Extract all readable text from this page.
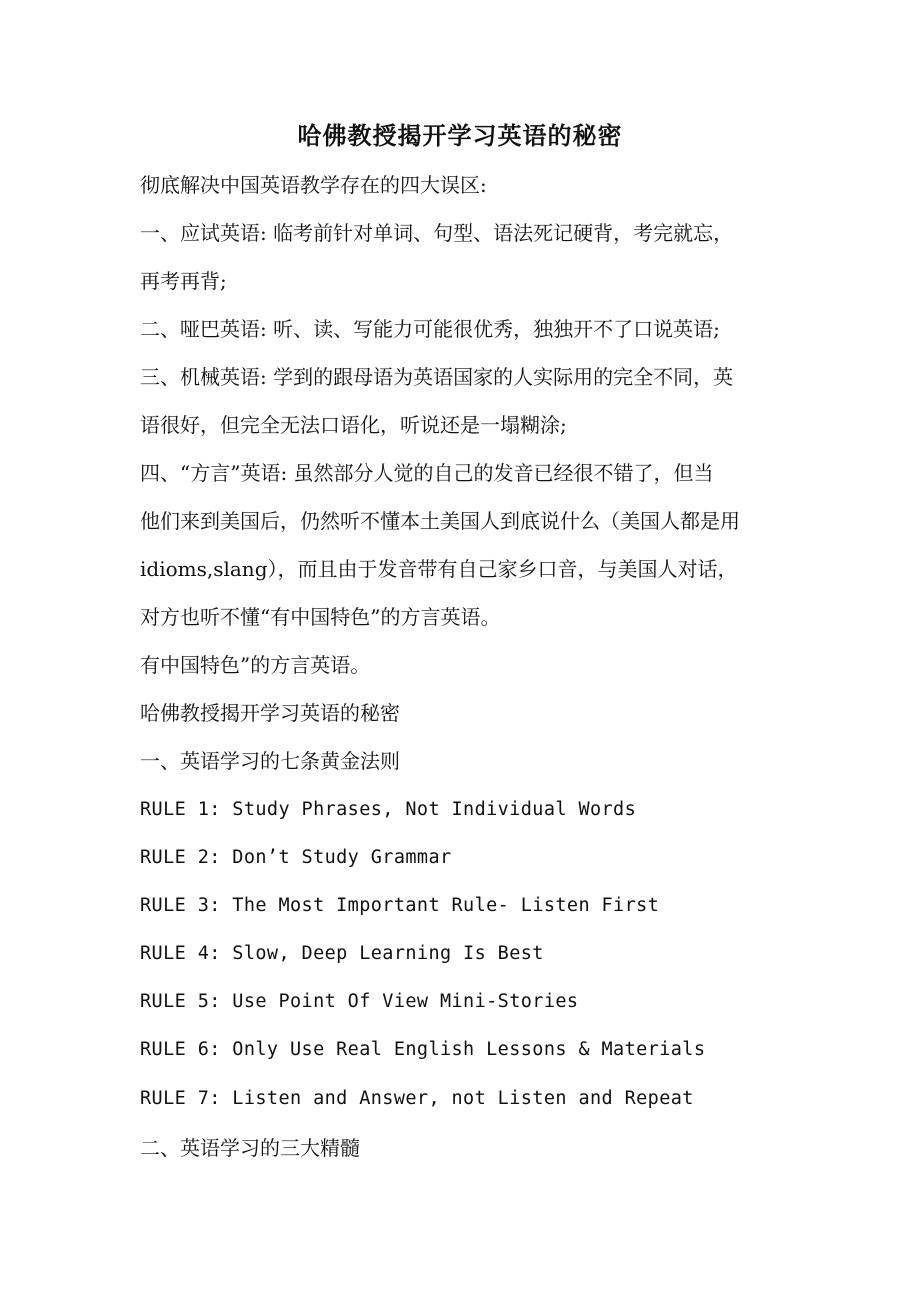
哈佛教授揭开学习英语的秘密
彻底解决中国英语教学存在的四大误区:
一、应试英语: 临考前针对单词、句型、语法死记硬背，考完就忘，
再考再背;
二、哑巴英语: 听、读、写能力可能很优秀，独独开不了口说英语;
三、机械英语: 学到的跟母语为英语国家的人实际用的完全不同，英
语很好，但完全无法口语化，听说还是一塌糊涂;
四、“方言”英语: 虽然部分人觉的自己的发音已经很不错了，但当
他们来到美国后，仍然听不懂本土美国人到底说什么（美国人都是用
idioms,slang），而且由于发音带有自己家乡口音，与美国人对话，
对方也听不懂“有中国特色”的方言英语。
有中国特色”的方言英语。
哈佛教授揭开学习英语的秘密
一、英语学习的七条黄金法则
RULE 1: Study Phrases, Not Individual Words
RULE 2: Don’t Study Grammar
RULE 3: The Most Important Rule- Listen First
RULE 4: Slow, Deep Learning Is Best
RULE 5: Use Point Of View Mini-Stories
RULE 6: Only Use Real English Lessons & Materials
RULE 7: Listen and Answer, not Listen and Repeat
二、英语学习的三大精髓
